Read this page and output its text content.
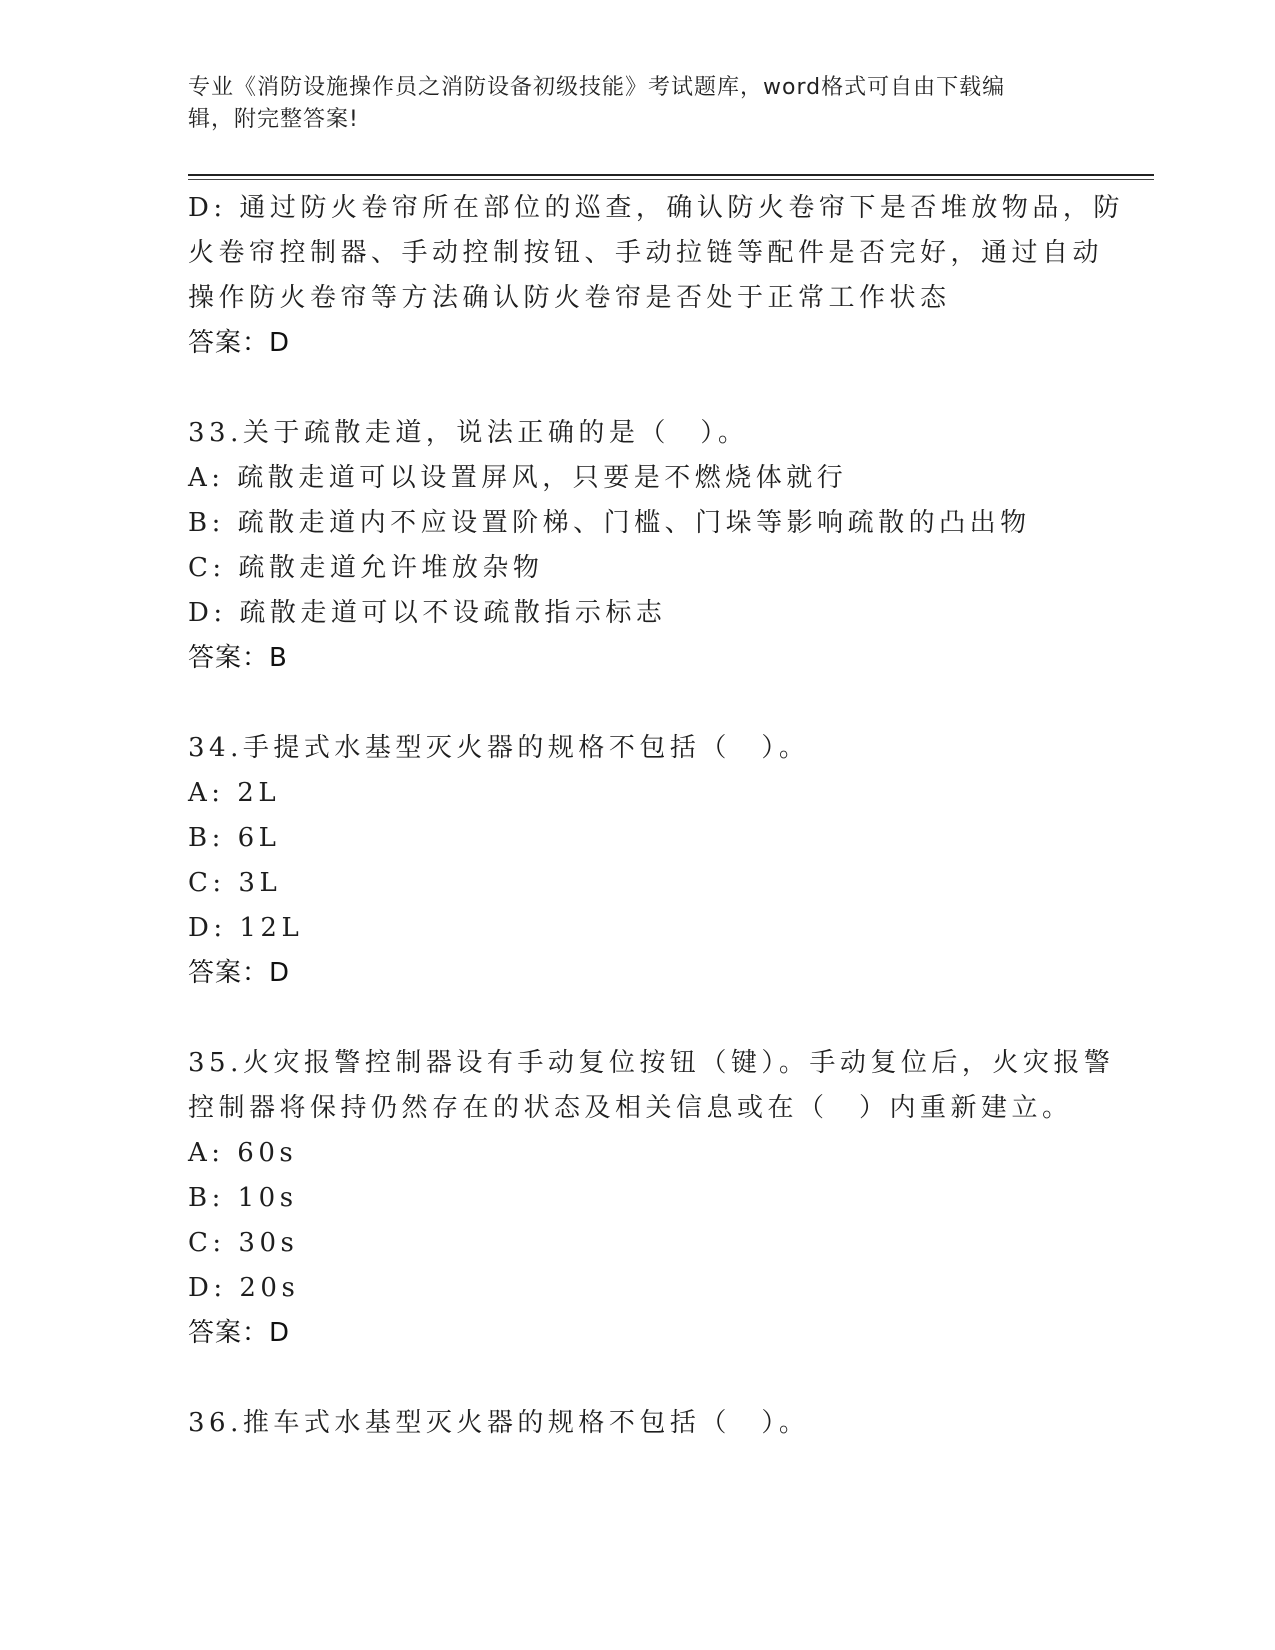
专业《消防设施操作员之消防设备初级技能》考试题库，word格式可自由下载编
辑，附完整答案!
D: 通过防火卷帘所在部位的巡查，确认防火卷帘下是否堆放物品，防
火卷帘控制器、手动控制按钮、手动拉链等配件是否完好，通过自动
操作防火卷帘等方法确认防火卷帘是否处于正常工作状态
答案：D
33.关于疏散走道，说法正确的是（　）。
A: 疏散走道可以设置屏风，只要是不燃烧体就行
B: 疏散走道内不应设置阶梯、门槛、门垛等影响疏散的凸出物
C: 疏散走道允许堆放杂物
D: 疏散走道可以不设疏散指示标志
答案：B
34.手提式水基型灭火器的规格不包括（　）。
A: 2L
B: 6L
C: 3L
D: 12L
答案：D
35.火灾报警控制器设有手动复位按钮（键）。手动复位后，火灾报警
控制器将保持仍然存在的状态及相关信息或在（　）内重新建立。
A: 60s
B: 10s
C: 30s
D: 20s
答案：D
36.推车式水基型灭火器的规格不包括（　）。
